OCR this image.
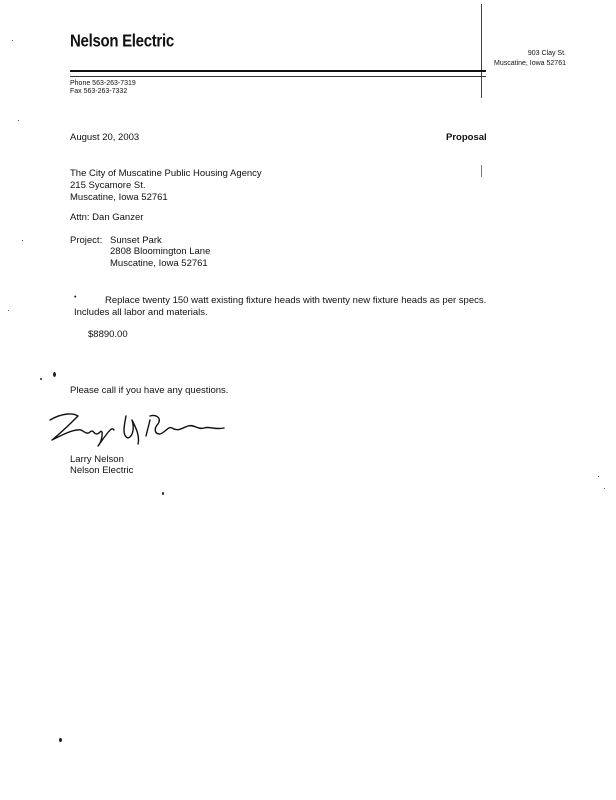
Nelson Electric
903 Clay St.
Muscatine, Iowa 52761
Phone 563-263-7319
Fax 563-263-7332
August 20, 2003	Proposal
The City of Muscatine Public Housing Agency
215 Sycamore St.
Muscatine, Iowa 52761
Attn: Dan Ganzer
Project: Sunset Park
2808 Bloomington Lane
Muscatine, Iowa 52761
•	Replace twenty 150 watt existing fixture heads with twenty new fixture heads as per specs.
Includes all labor and materials.
$8890.00
Please call if you have any questions.
Larry Nelson
Nelson Electric
